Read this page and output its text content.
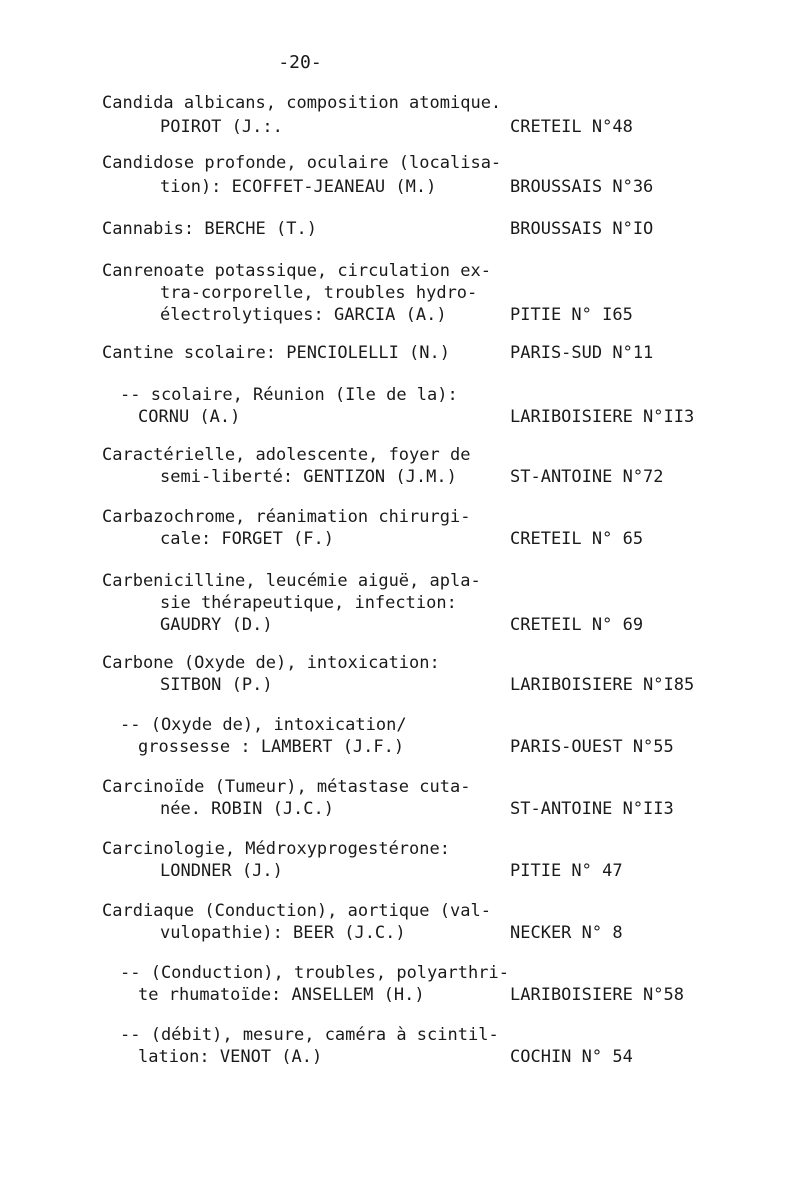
-20-
Candida albicans, composition atomique.
POIROT (J.:.	CRETEIL N°48
Candidose profonde, oculaire (localisa-
tion): ECOFFET-JEANEAU (M.)	BROUSSAIS N°36
Cannabis: BERCHE (T.)	BROUSSAIS N°IO
Canrenoate potassique, circulation ex-
tra-corporelle, troubles hydro-
électrolytiques: GARCIA (A.)	PITIE N° I65
Cantine scolaire: PENCIOLELLI (N.)	PARIS-SUD N°11
-- scolaire, Réunion (Ile de la):
CORNU (A.)	LARIBOISIERE N°II3
Caractérielle, adolescente, foyer de
semi-liberté: GENTIZON (J.M.)	ST-ANTOINE N°72
Carbazochrome, réanimation chirurgi-
cale: FORGET (F.)	CRETEIL N° 65
Carbenicilline, leucémie aiguë, apla-
sie thérapeutique, infection:
GAUDRY (D.)	CRETEIL N° 69
Carbone (Oxyde de), intoxication:
SITBON (P.)	LARIBOISIERE N°I85
-- (Oxyde de), intoxication/
grossesse : LAMBERT (J.F.)	PARIS-OUEST N°55
Carcinoïde (Tumeur), métastase cuta-
née. ROBIN (J.C.)	ST-ANTOINE N°II3
Carcinologie, Médroxyprogestérone:
LONDNER (J.)	PITIE N° 47
Cardiaque (Conduction), aortique (val-
vulopathie): BEER (J.C.)	NECKER N° 8
-- (Conduction), troubles, polyarthri-
te rhumatoïde: ANSELLEM (H.)	LARIBOISIERE N°58
-- (débit), mesure, caméra à scintil-
lation: VENOT (A.)	COCHIN N° 54
